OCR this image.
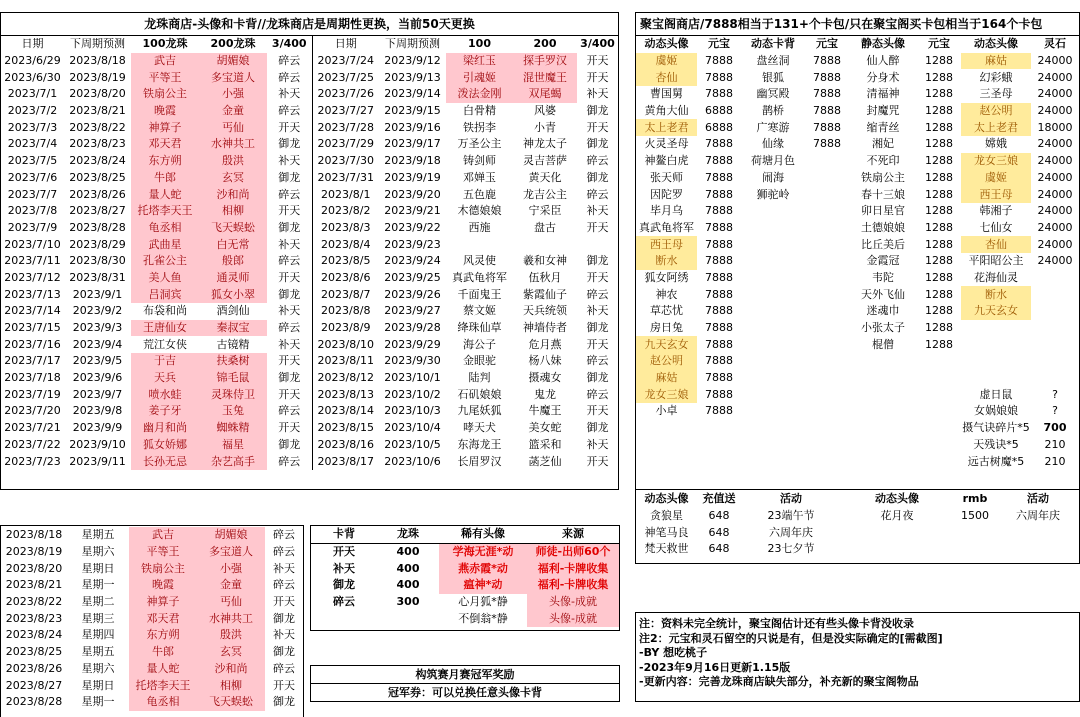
龙珠商店-头像和卡背//龙珠商店是周期性更换，当前50天更换
日期	下周期预测	100龙珠	200龙珠	3/400	日期	下周期预测	100	200	3/400
2023/6/29	2023/8/18	武吉	胡媚娘	碎云	2023/7/24	2023/9/12	梁红玉	探手罗汉	开天
2023/6/30	2023/8/19	平等王	多宝道人	碎云	2023/7/25	2023/9/13	引魂姬	混世魔王	开天
2023/7/1	2023/8/20	铁扇公主	小强	补天	2023/7/26	2023/9/14	泼法金刚	双尾蝎	补天
2023/7/2	2023/8/21	晚霞	金童	碎云	2023/7/27	2023/9/15	白骨精	风婆	御龙
2023/7/3	2023/8/22	神算子	丐仙	开天	2023/7/28	2023/9/16	铁拐李	小青	开天
2023/7/4	2023/8/23	邓天君	水神共工	御龙	2023/7/29	2023/9/17	万圣公主	神龙太子	御龙
2023/7/5	2023/8/24	东方朔	殷洪	补天	2023/7/30	2023/9/18	铸剑师	灵吉菩萨	碎云
2023/7/6	2023/8/25	牛郎	玄冥	御龙	2023/7/31	2023/9/19	邓婵玉	黄天化	御龙
2023/7/7	2023/8/26	量人蛇	沙和尚	碎云	2023/8/1	2023/9/20	五色鹿	龙吉公主	碎云
2023/7/8	2023/8/27	托塔李天王	相柳	开天	2023/8/2	2023/9/21	木德娘娘	宁采臣	补天
2023/7/9	2023/8/28	龟丞相	飞天蜈蚣	御龙	2023/8/3	2023/9/22	西施	盘古	开天
2023/7/10	2023/8/29	武曲星	白无常	补天	2023/8/4	2023/9/23			
2023/7/11	2023/8/30	孔雀公主	般郎	碎云	2023/8/5	2023/9/24	风灵使	羲和女神	御龙
2023/7/12	2023/8/31	美人鱼	通灵师	开天	2023/8/6	2023/9/25	真武龟将军	伍秋月	开天
2023/7/13	2023/9/1	吕洞宾	狐女小翠	御龙	2023/8/7	2023/9/26	千面鬼王	紫霞仙子	碎云
2023/7/14	2023/9/2	布袋和尚	酒剑仙	补天	2023/8/8	2023/9/27	蔡文姬	天兵统领	补天
2023/7/15	2023/9/3	王唐仙女	秦叔宝	碎云	2023/8/9	2023/9/28	绛珠仙草	神墙侍者	御龙
2023/7/16	2023/9/4	荒江女侠	古镜精	补天	2023/8/10	2023/9/29	海公子	危月燕	开天
2023/7/17	2023/9/5	于吉	扶桑树	开天	2023/8/11	2023/9/30	金眼驼	杨八妹	碎云
2023/7/18	2023/9/6	天兵	锦毛鼠	御龙	2023/8/12	2023/10/1	陆判	摄魂女	御龙
2023/7/19	2023/9/7	喷水蛙	灵珠侍卫	开天	2023/8/13	2023/10/2	石矶娘娘	鬼龙	碎云
2023/7/20	2023/9/8	姜子牙	玉兔	碎云	2023/8/14	2023/10/3	九尾妖狐	牛魔王	开天
2023/7/21	2023/9/9	幽月和尚	蜘蛛精	开天	2023/8/15	2023/10/4	哮天犬	美女蛇	御龙
2023/7/22	2023/9/10	狐女娇娜	福星	御龙	2023/8/16	2023/10/5	东海龙王	篮采和	补天
2023/7/23	2023/9/11	长孙无忌	杂艺高手	碎云	2023/8/17	2023/10/6	长眉罗汉	菡芝仙	开天
2023/8/18	星期五	武吉	胡媚娘	碎云
2023/8/19	星期六	平等王	多宝道人	碎云
2023/8/20	星期日	铁扇公主	小强	补天
2023/8/21	星期一	晚霞	金童	碎云
2023/8/22	星期二	神算子	丐仙	开天
2023/8/23	星期三	邓天君	水神共工	御龙
2023/8/24	星期四	东方朔	殷洪	补天
2023/8/25	星期五	牛郎	玄冥	御龙
2023/8/26	星期六	量人蛇	沙和尚	碎云
2023/8/27	星期日	托塔李天王	相柳	开天
2023/8/28	星期一	龟丞相	飞天蜈蚣	御龙
卡背	龙珠	稀有头像	来源
开天	400	学海无涯*动	师徒-出师60个
补天	400	燕赤霞*动	福利-卡牌收集
御龙	400	瘟神*动	福利-卡牌收集
碎云	300	心月狐*静	头像-成就
		不倒翁*静	头像-成就
构筑赛月赛冠军奖励
冠军券：可以兑换任意头像卡背
聚宝阁商店/7888相当于131+个卡包/只在聚宝阁买卡包相当于164个卡包
动态头像	元宝	动态卡背	元宝	静态头像	元宝	动态头像	灵石
虞姬	7888	盘丝洞	7888	仙人醉	1288	麻姑	24000
杏仙	7888	银狐	7888	分身术	1288	幻彩蛾	24000
曹国舅	7888	幽冥殿	7888	清福神	1288	三圣母	24000
黄角大仙	6888	鹊桥	7888	封魔咒	1288	赵公明	24000
太上老君	6888	广寒游	7888	缩青丝	1288	太上老君	18000
火灵圣母	7888	仙缘	7888	湘妃	1288	嫦娥	24000
神鳌白虎	7888	荷塘月色		不死印	1288	龙女三娘	24000
张天师	7888	闹海		铁扇公主	1288	虞姬	24000
因陀罗	7888	狮驼岭		春十三娘	1288	西王母	24000
毕月乌	7888			卯日星官	1288	韩湘子	24000
真武龟将军	7888			土德娘娘	1288	七仙女	24000
西王母	7888			比丘美后	1288	杏仙	24000
断水	7888			金霞冠	1288	平阳昭公主	24000
狐女阿绣	7888			韦陀	1288	花海仙灵	
神农	7888			天外飞仙	1288	断水	
草芯忧	7888			迷魂巾	1288	九天玄女	
房日兔	7888			小张太子	1288		
九天玄女	7888			棍僧	1288		
赵公明	7888						
麻姑	7888						
龙女三娘	7888					虚日鼠	?
小卓	7888					女娲娘娘	?
						摄气诀碎片*5	700
						天残诀*5	210
						远古树魔*5	210
动态头像	充值送	活动	动态头像	rmb	活动
贪狼星	648	23端午节	花月夜	1500	六周年庆
神笔马良	648	六周年庆			
梵天救世	648	23七夕节			
注：资料未完全统计，聚宝阁估计还有些头像卡背没收录
注2：元宝和灵石留空的只说是有，但是没实际确定的[需截图]
-BY 想吃桃子
-2023年9月16日更新1.15版
-更新内容：完善龙珠商店缺失部分，补充新的聚宝阁物品
